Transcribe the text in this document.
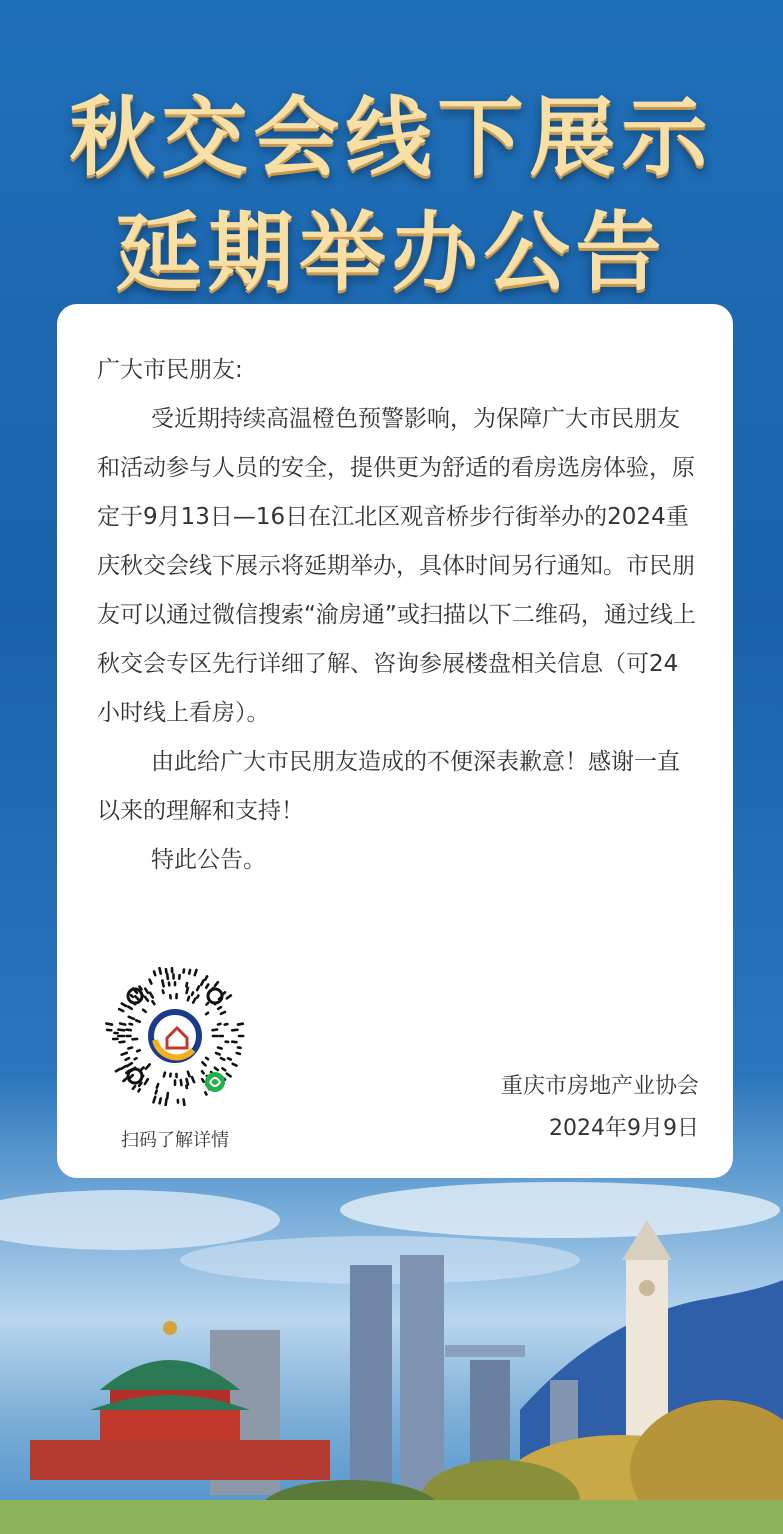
秋交会线下展示
延期举办公告

广大市民朋友:

受近期持续高温橙色预警影响，为保障广大市民朋友和活动参与人员的安全，提供更为舒适的看房选房体验，原定于9月13日—16日在江北区观音桥步行街举办的2024重庆秋交会线下展示将延期举办，具体时间另行通知。市民朋友可以通过微信搜索“渝房通”或扫描以下二维码，通过线上秋交会专区先行详细了解、咨询参展楼盘相关信息（可24小时线上看房）。

由此给广大市民朋友造成的不便深表歉意！感谢一直以来的理解和支持！

特此公告。

扫码了解详情
重庆市房地产业协会
2024年9月9日
